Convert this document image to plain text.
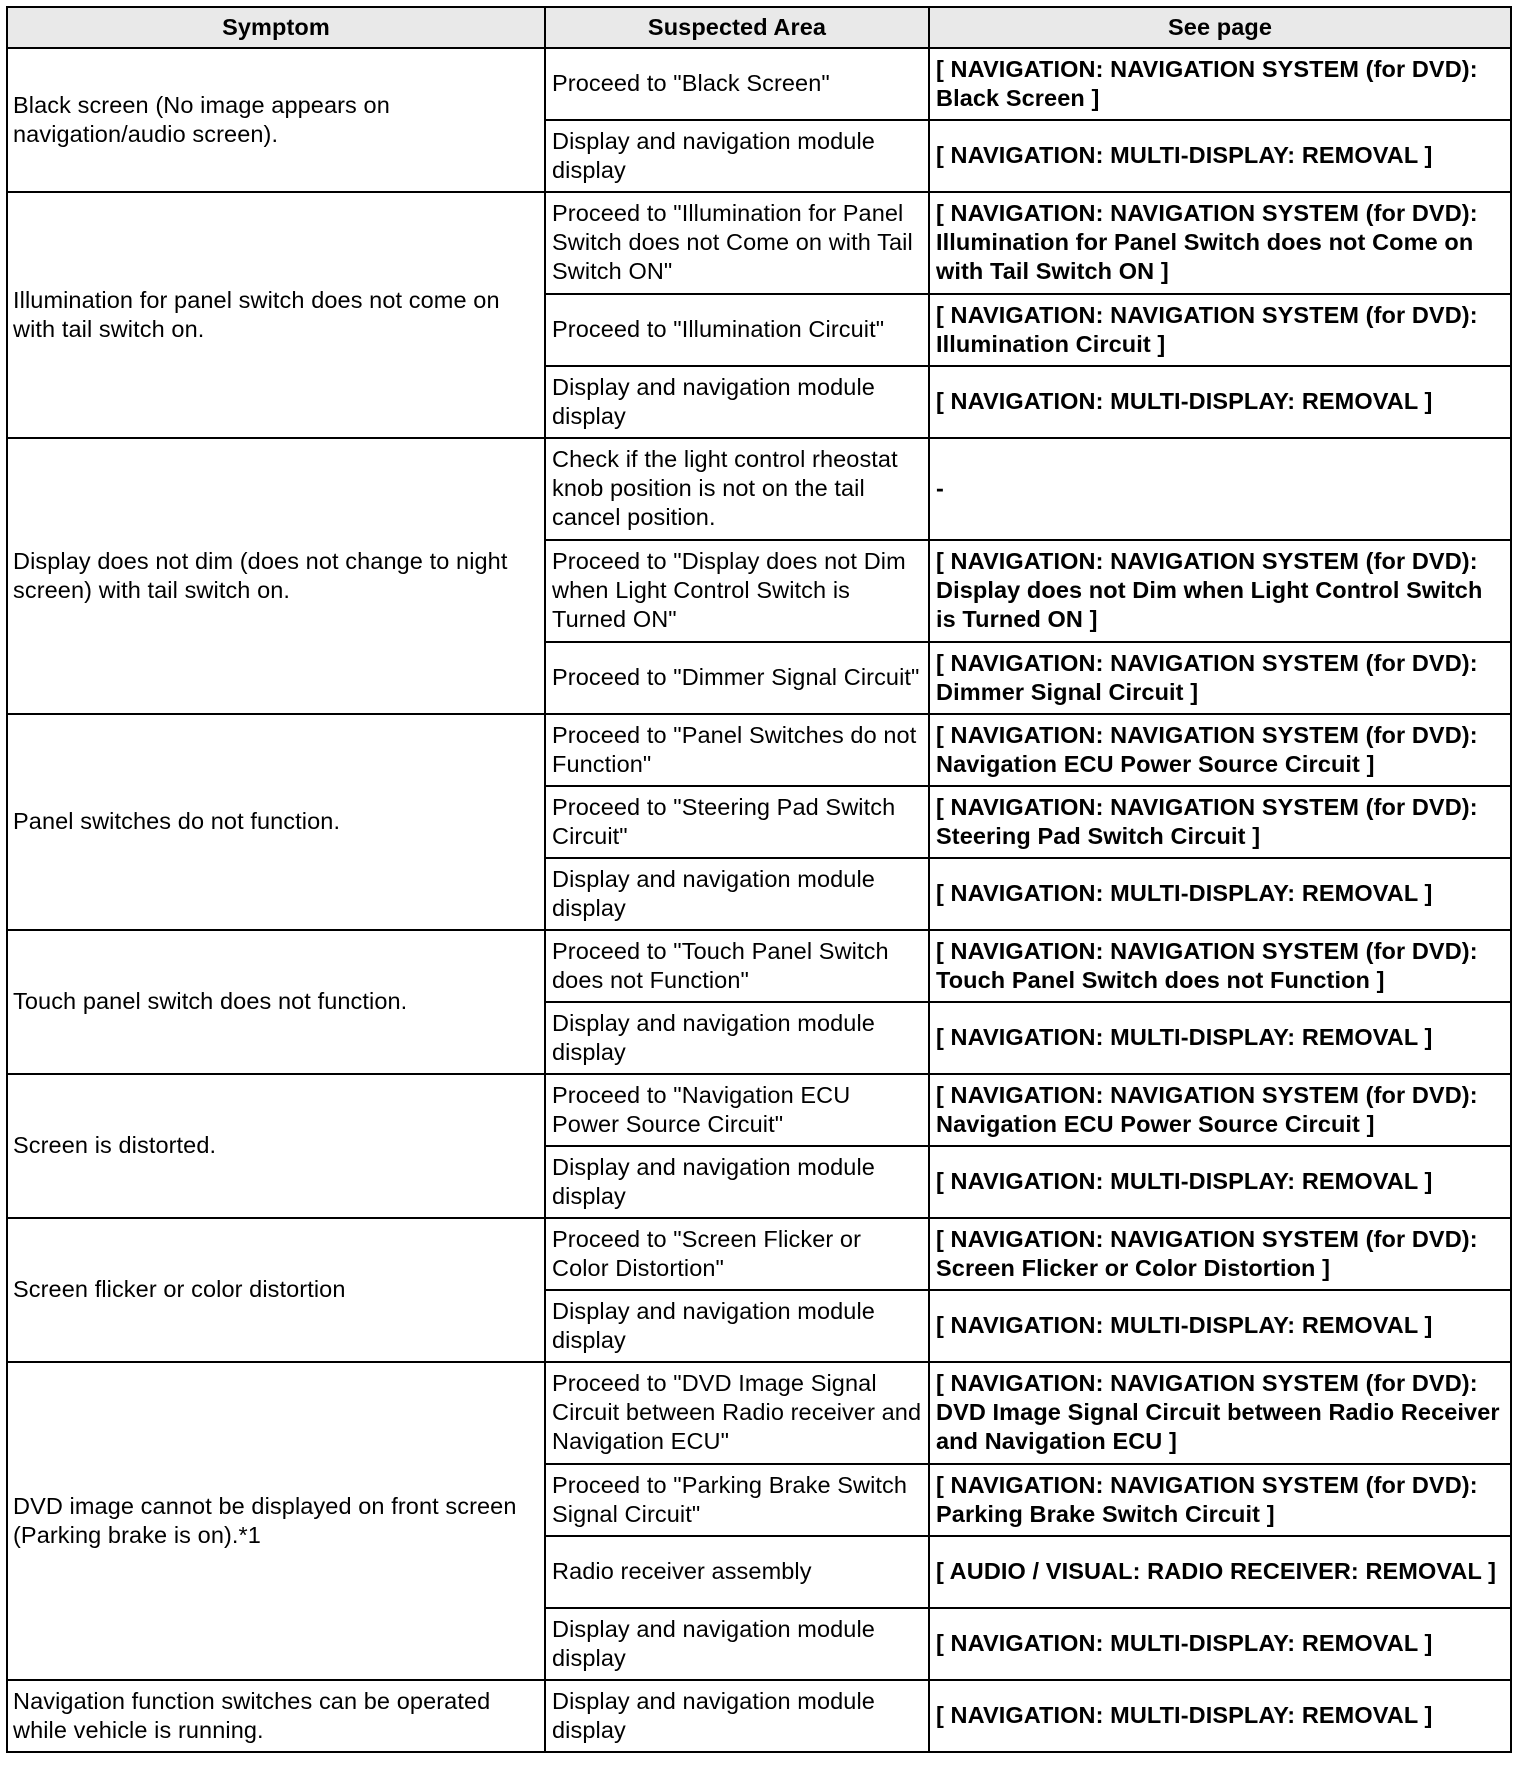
Symptom	Suspected Area	See page
Black screen (No image appears on navigation/audio screen).	Proceed to "Black Screen"	[ NAVIGATION: NAVIGATION SYSTEM (for DVD): Black Screen ]
	Display and navigation module display	[ NAVIGATION: MULTI-DISPLAY: REMOVAL ]
Illumination for panel switch does not come on with tail switch on.	Proceed to "Illumination for Panel Switch does not Come on with Tail Switch ON"	[ NAVIGATION: NAVIGATION SYSTEM (for DVD): Illumination for Panel Switch does not Come on with Tail Switch ON ]
	Proceed to "Illumination Circuit"	[ NAVIGATION: NAVIGATION SYSTEM (for DVD): Illumination Circuit ]
	Display and navigation module display	[ NAVIGATION: MULTI-DISPLAY: REMOVAL ]
Display does not dim (does not change to night screen) with tail switch on.	Check if the light control rheostat knob position is not on the tail cancel position.	-
	Proceed to "Display does not Dim when Light Control Switch is Turned ON"	[ NAVIGATION: NAVIGATION SYSTEM (for DVD): Display does not Dim when Light Control Switch is Turned ON ]
	Proceed to "Dimmer Signal Circuit"	[ NAVIGATION: NAVIGATION SYSTEM (for DVD): Dimmer Signal Circuit ]
Panel switches do not function.	Proceed to "Panel Switches do not Function"	[ NAVIGATION: NAVIGATION SYSTEM (for DVD): Navigation ECU Power Source Circuit ]
	Proceed to "Steering Pad Switch Circuit"	[ NAVIGATION: NAVIGATION SYSTEM (for DVD): Steering Pad Switch Circuit ]
	Display and navigation module display	[ NAVIGATION: MULTI-DISPLAY: REMOVAL ]
Touch panel switch does not function.	Proceed to "Touch Panel Switch does not Function"	[ NAVIGATION: NAVIGATION SYSTEM (for DVD): Touch Panel Switch does not Function ]
	Display and navigation module display	[ NAVIGATION: MULTI-DISPLAY: REMOVAL ]
Screen is distorted.	Proceed to "Navigation ECU Power Source Circuit"	[ NAVIGATION: NAVIGATION SYSTEM (for DVD): Navigation ECU Power Source Circuit ]
	Display and navigation module display	[ NAVIGATION: MULTI-DISPLAY: REMOVAL ]
Screen flicker or color distortion	Proceed to "Screen Flicker or Color Distortion"	[ NAVIGATION: NAVIGATION SYSTEM (for DVD): Screen Flicker or Color Distortion ]
	Display and navigation module display	[ NAVIGATION: MULTI-DISPLAY: REMOVAL ]
DVD image cannot be displayed on front screen (Parking brake is on).*1	Proceed to "DVD Image Signal Circuit between Radio receiver and Navigation ECU"	[ NAVIGATION: NAVIGATION SYSTEM (for DVD): DVD Image Signal Circuit between Radio Receiver and Navigation ECU ]
	Proceed to "Parking Brake Switch Signal Circuit"	[ NAVIGATION: NAVIGATION SYSTEM (for DVD): Parking Brake Switch Circuit ]
	Radio receiver assembly	[ AUDIO / VISUAL: RADIO RECEIVER: REMOVAL ]
	Display and navigation module display	[ NAVIGATION: MULTI-DISPLAY: REMOVAL ]
Navigation function switches can be operated while vehicle is running.	Display and navigation module display	[ NAVIGATION: MULTI-DISPLAY: REMOVAL ]
